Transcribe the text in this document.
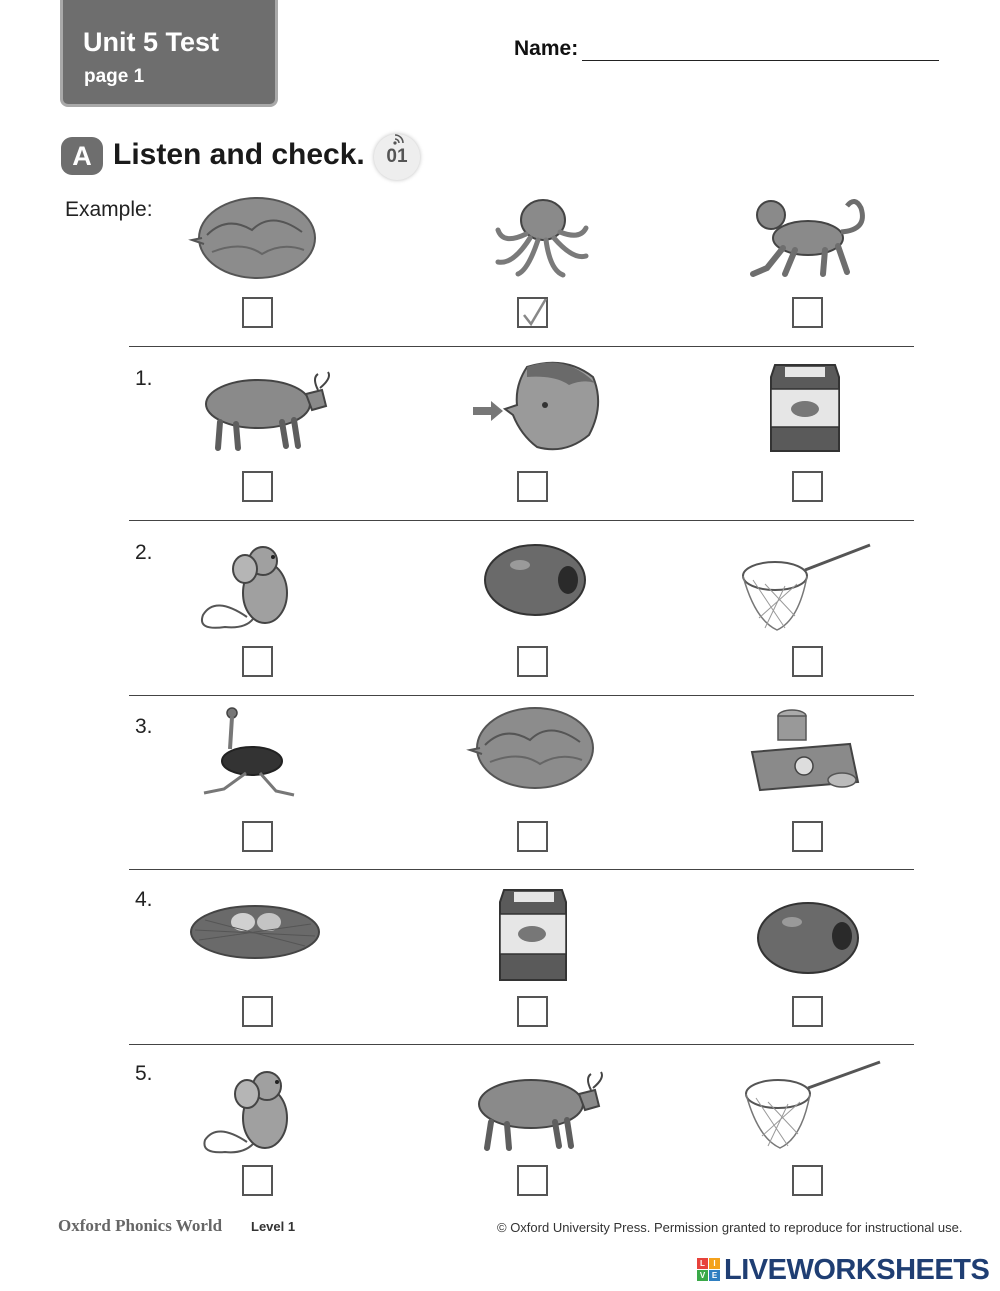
Unit 5 Test
page 1
Name:
A Listen and check.	01
Example:
1.
2.
3.
4.
5.
Oxford Phonics World Level 1	© Oxford University Press. Permission granted to reproduce for instructional use.
L	I
V E LIVEWORKSHEETS
